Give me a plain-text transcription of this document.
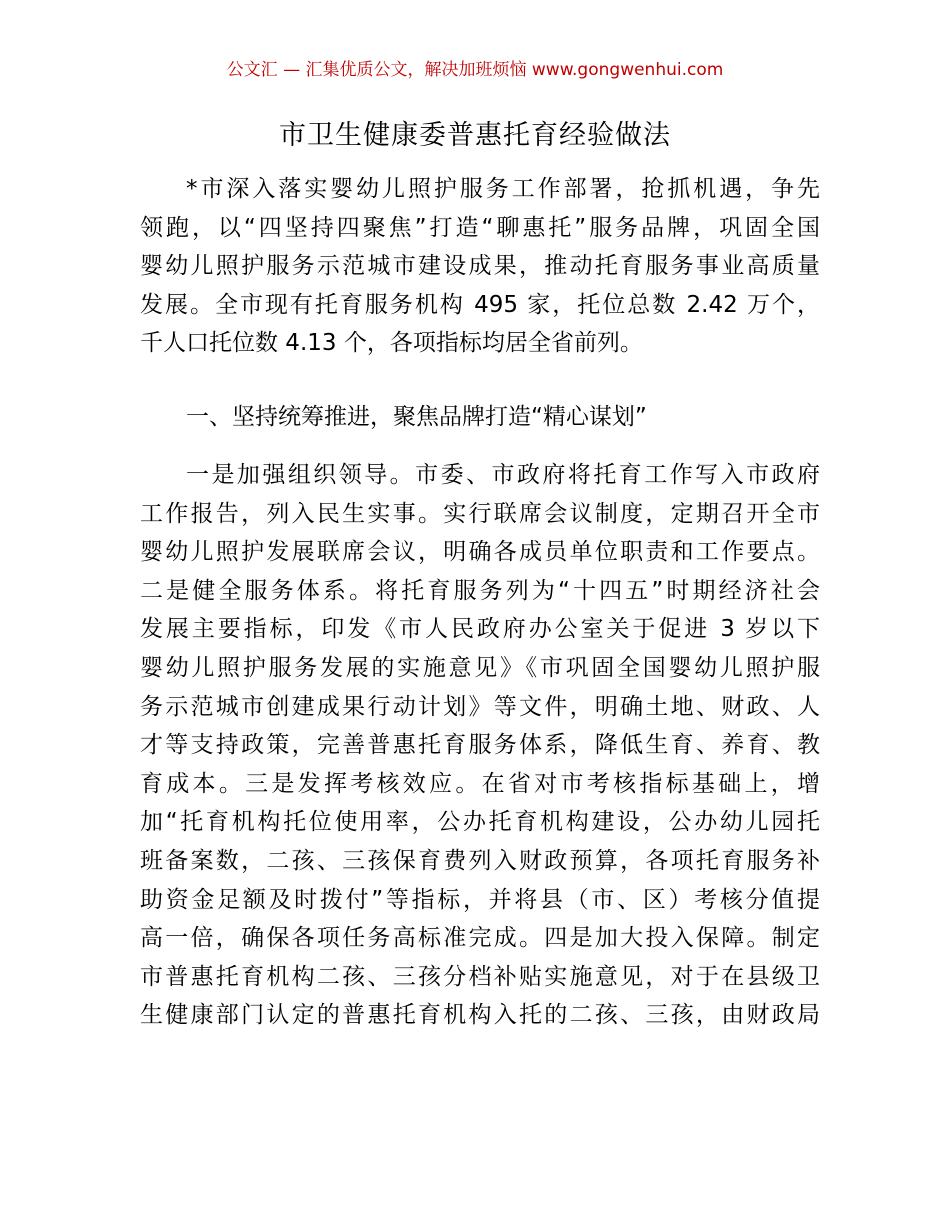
公文汇 — 汇集优质公文，解决加班烦恼 www.gongwenhui.com
市卫生健康委普惠托育经验做法
*市深入落实婴幼儿照护服务工作部署，抢抓机遇，争先
领跑，以“四坚持四聚焦”打造“聊惠托”服务品牌，巩固全国
婴幼儿照护服务示范城市建设成果，推动托育服务事业高质量
发展。全市现有托育服务机构 495 家，托位总数 2.42 万个，
千人口托位数 4.13 个，各项指标均居全省前列。
一、坚持统筹推进，聚焦品牌打造“精心谋划”
一是加强组织领导。市委、市政府将托育工作写入市政府
工作报告，列入民生实事。实行联席会议制度，定期召开全市
婴幼儿照护发展联席会议，明确各成员单位职责和工作要点。
二是健全服务体系。将托育服务列为“十四五”时期经济社会
发展主要指标，印发《市人民政府办公室关于促进 3 岁以下
婴幼儿照护服务发展的实施意见》《市巩固全国婴幼儿照护服
务示范城市创建成果行动计划》等文件，明确土地、财政、人
才等支持政策，完善普惠托育服务体系，降低生育、养育、教
育成本。三是发挥考核效应。在省对市考核指标基础上，增
加“托育机构托位使用率，公办托育机构建设，公办幼儿园托
班备案数，二孩、三孩保育费列入财政预算，各项托育服务补
助资金足额及时拨付”等指标，并将县（市、区）考核分值提
高一倍，确保各项任务高标准完成。四是加大投入保障。制定
市普惠托育机构二孩、三孩分档补贴实施意见，对于在县级卫
生健康部门认定的普惠托育机构入托的二孩、三孩，由财政局
